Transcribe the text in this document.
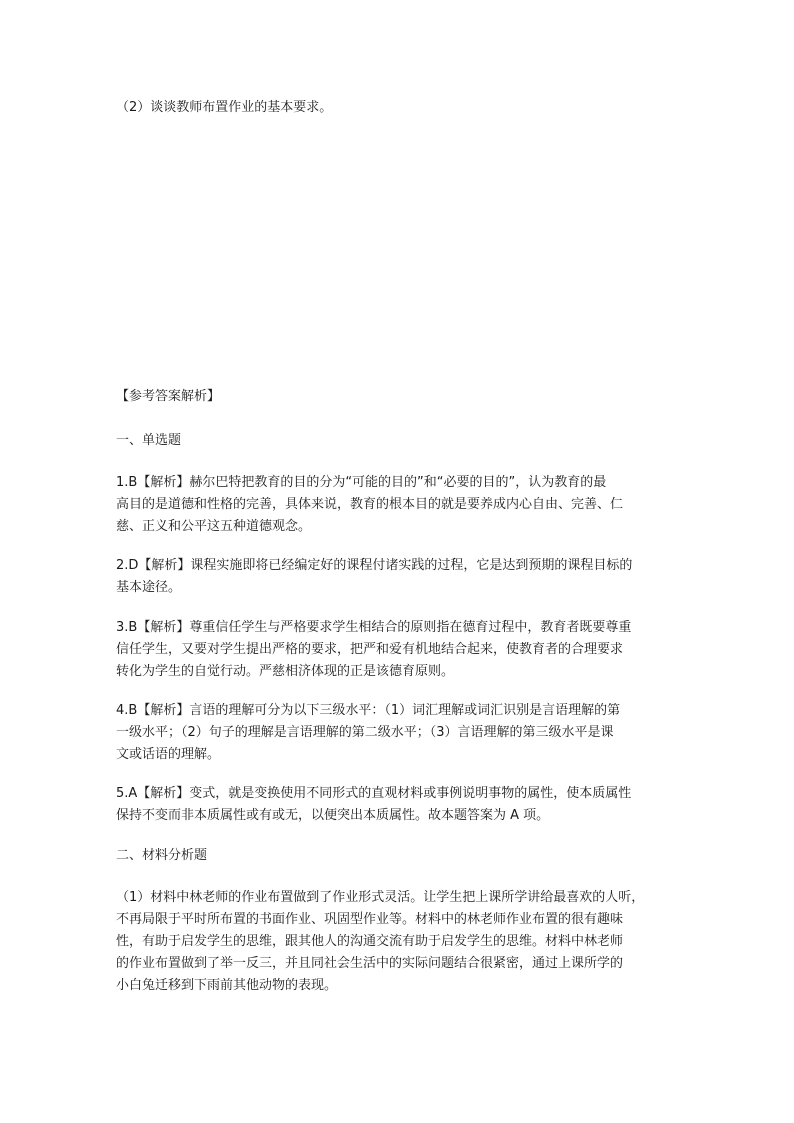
（2）谈谈教师布置作业的基本要求。

【参考答案解析】

一、单选题

1.B【解析】赫尔巴特把教育的目的分为“可能的目的”和“必要的目的”，认为教育的最
高目的是道德和性格的完善，具体来说，教育的根本目的就是要养成内心自由、完善、仁
慈、正义和公平这五种道德观念。

2.D【解析】课程实施即将已经编定好的课程付诸实践的过程，它是达到预期的课程目标的
基本途径。

3.B【解析】尊重信任学生与严格要求学生相结合的原则指在德育过程中，教育者既要尊重
信任学生，又要对学生提出严格的要求，把严和爱有机地结合起来，使教育者的合理要求
转化为学生的自觉行动。严慈相济体现的正是该德育原则。

4.B【解析】言语的理解可分为以下三级水平：（1）词汇理解或词汇识别是言语理解的第
一级水平；（2）句子的理解是言语理解的第二级水平；（3）言语理解的第三级水平是课
文或话语的理解。

5.A【解析】变式，就是变换使用不同形式的直观材料或事例说明事物的属性，使本质属性
保持不变而非本质属性或有或无，以便突出本质属性。故本题答案为 A 项。

二、材料分析题

（1）材料中林老师的作业布置做到了作业形式灵活。让学生把上课所学讲给最喜欢的人听，
不再局限于平时所布置的书面作业、巩固型作业等。材料中的林老师作业布置的很有趣味
性，有助于启发学生的思维，跟其他人的沟通交流有助于启发学生的思维。材料中林老师
的作业布置做到了举一反三，并且同社会生活中的实际问题结合很紧密，通过上课所学的
小白兔迁移到下雨前其他动物的表现。
